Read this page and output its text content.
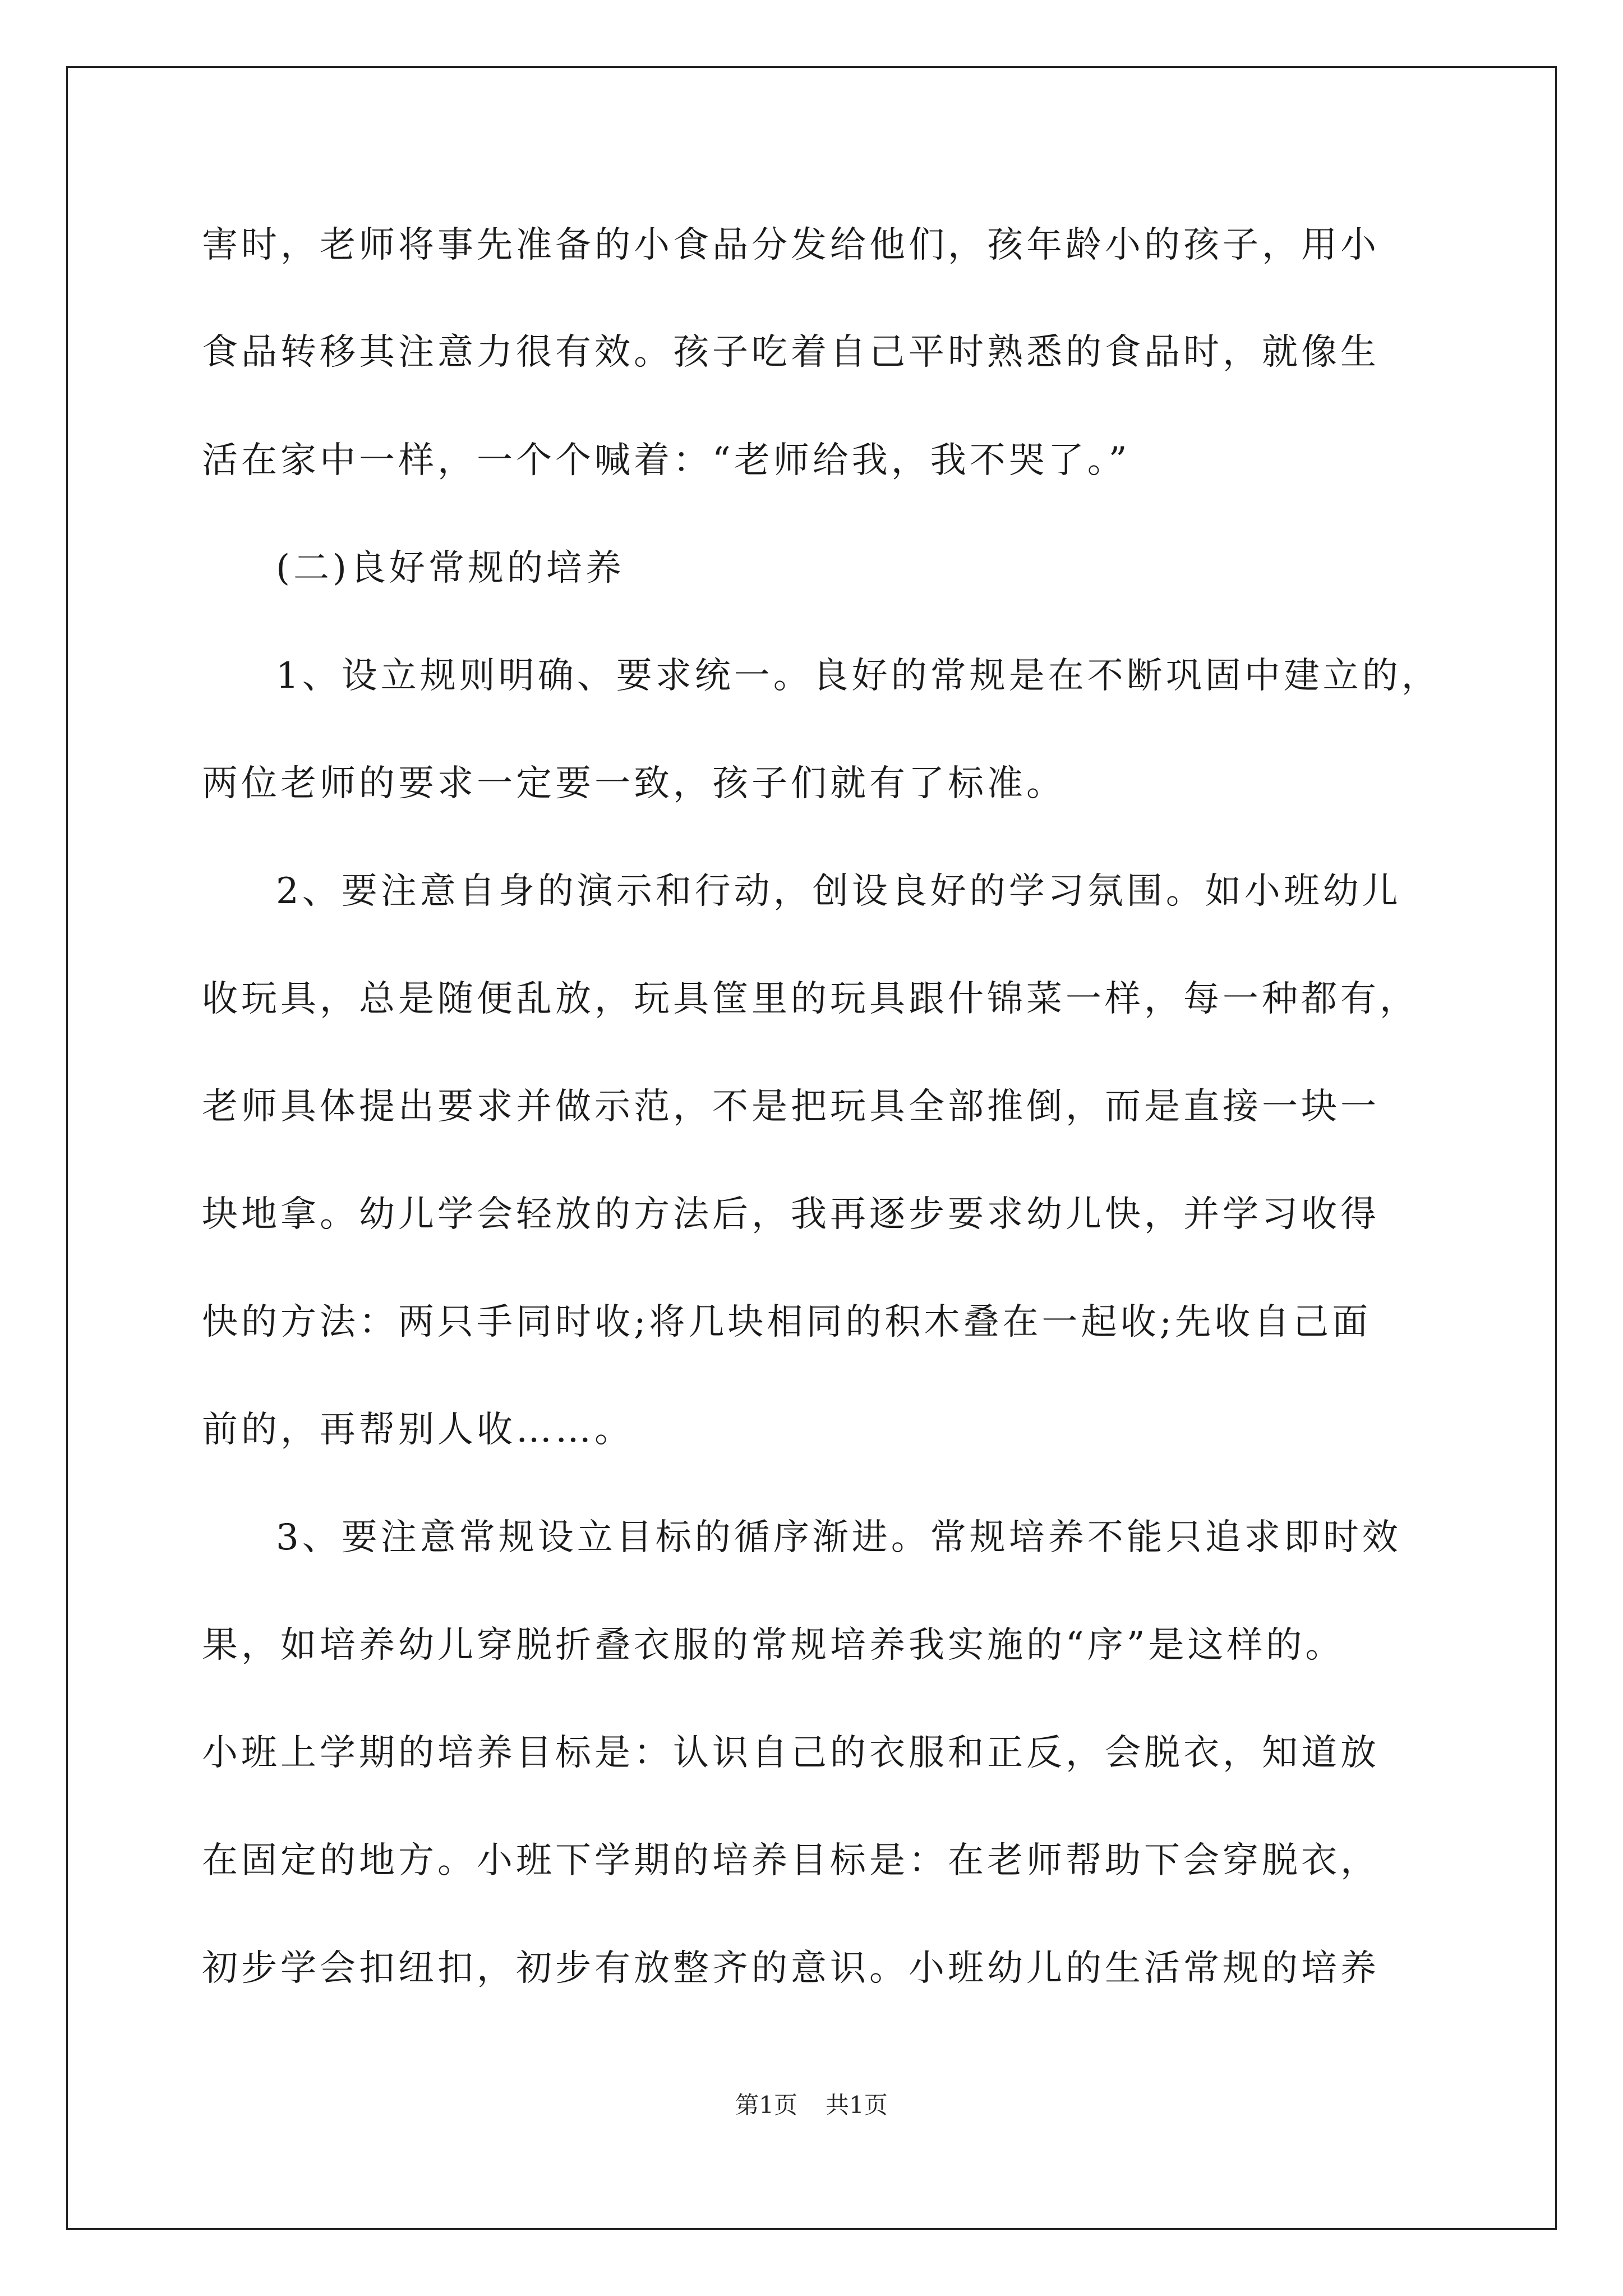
害时，老师将事先准备的小食品分发给他们，孩年龄小的孩子，用小
食品转移其注意力很有效。孩子吃着自己平时熟悉的食品时，就像生
活在家中一样，一个个喊着：“老师给我，我不哭了。”
(二)良好常规的培养
1、设立规则明确、要求统一。良好的常规是在不断巩固中建立的，
两位老师的要求一定要一致，孩子们就有了标准。
2、要注意自身的演示和行动，创设良好的学习氛围。如小班幼儿
收玩具，总是随便乱放，玩具筐里的玩具跟什锦菜一样，每一种都有，
老师具体提出要求并做示范，不是把玩具全部推倒，而是直接一块一
块地拿。幼儿学会轻放的方法后，我再逐步要求幼儿快，并学习收得
快的方法：两只手同时收;将几块相同的积木叠在一起收;先收自己面
前的，再帮别人收……。
3、要注意常规设立目标的循序渐进。常规培养不能只追求即时效
果，如培养幼儿穿脱折叠衣服的常规培养我实施的“序”是这样的。
小班上学期的培养目标是：认识自己的衣服和正反，会脱衣，知道放
在固定的地方。小班下学期的培养目标是：在老师帮助下会穿脱衣，
初步学会扣纽扣，初步有放整齐的意识。小班幼儿的生活常规的培养
第1页 共1页
